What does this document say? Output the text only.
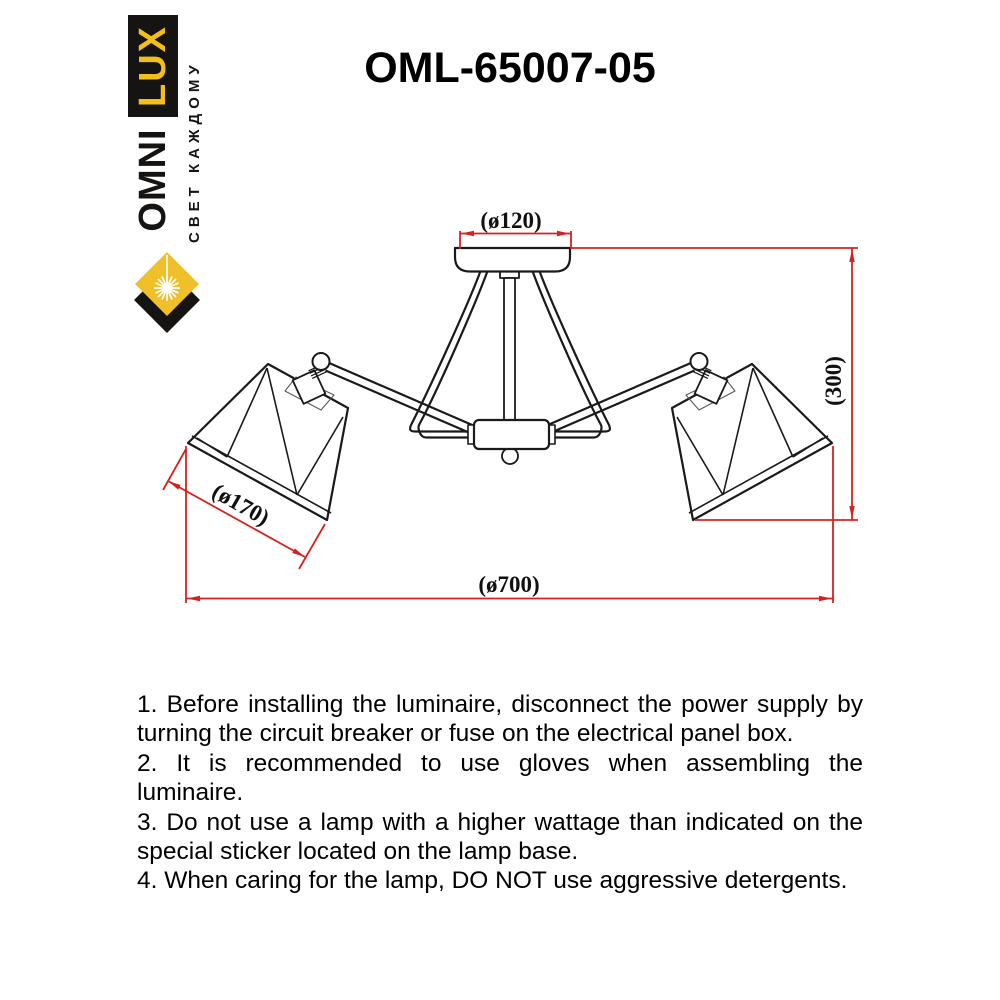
LUX
OMNI СВЕТ КАЖДОМУ	OML-65007-05
(ø120)
(ø700)
(ø170)
(300)

1. Before installing the luminaire, disconnect the power supply by turning the circuit breaker or fuse on the electrical panel box.

2. It is recommended to use gloves when assembling the luminaire.

3. Do not use a lamp with a higher wattage than indicated on the special sticker located on the lamp base.

4. When caring for the lamp, DO NOT use aggressive detergents.
